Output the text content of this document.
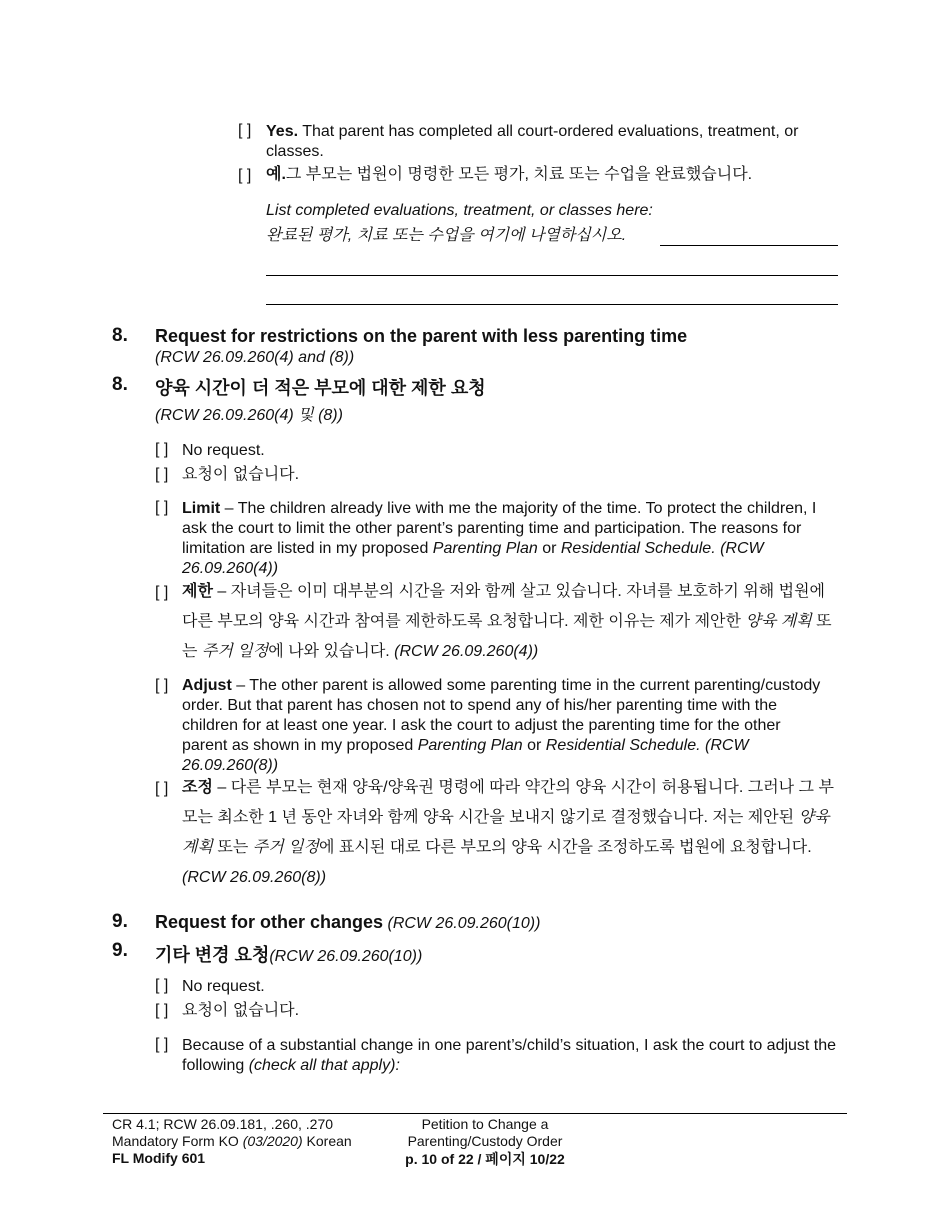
[ ] Yes. That parent has completed all court-ordered evaluations, treatment, or classes.
[ ] 예.그 부모는 법원이 명령한 모든 평가, 치료 또는 수업을 완료했습니다.
List completed evaluations, treatment, or classes here:
완료된 평가, 치료 또는 수업을 여기에 나열하십시오.
8. Request for restrictions on the parent with less parenting time
(RCW 26.09.260(4) and (8))
8. 양육 시간이 더 적은 부모에 대한 제한 요청
(RCW 26.09.260(4) 및 (8))
[ ] No request.
[ ] 요청이 없습니다.
[ ] Limit – The children already live with me the majority of the time. To protect the children, I ask the court to limit the other parent’s parenting time and participation. The reasons for limitation are listed in my proposed Parenting Plan or Residential Schedule. (RCW 26.09.260(4))
[ ] 제한 – 자녀들은 이미 대부분의 시간을 저와 함께 살고 있습니다. 자녀를 보호하기 위해 법원에 다른 부모의 양육 시간과 참여를 제한하도록 요청합니다. 제한 이유는 제가 제안한 양육 계획 또는 주거 일정에 나와 있습니다. (RCW 26.09.260(4))
[ ] Adjust – The other parent is allowed some parenting time in the current parenting/custody order. But that parent has chosen not to spend any of his/her parenting time with the children for at least one year. I ask the court to adjust the parenting time for the other parent as shown in my proposed Parenting Plan or Residential Schedule. (RCW 26.09.260(8))
[ ] 조정 – 다른 부모는 현재 양육/양육권 명령에 따라 약간의 양육 시간이 허용됩니다. 그러나 그 부모는 최소한 1 년 동안 자녀와 함께 양육 시간을 보내지 않기로 결정했습니다. 저는 제안된 양육 계획 또는 주거 일정에 표시된 대로 다른 부모의 양육 시간을 조정하도록 법원에 요청합니다. (RCW 26.09.260(8))
9. Request for other changes (RCW 26.09.260(10))
9. 기타 변경 요청(RCW 26.09.260(10))
[ ] No request.
[ ] 요청이 없습니다.
[ ] Because of a substantial change in one parent’s/child’s situation, I ask the court to adjust the following (check all that apply):
CR 4.1; RCW 26.09.181, .260, .270
Mandatory Form KO (03/2020) Korean
FL Modify 601
Petition to Change a
Parenting/Custody Order
p. 10 of 22 / 페이지 10/22
